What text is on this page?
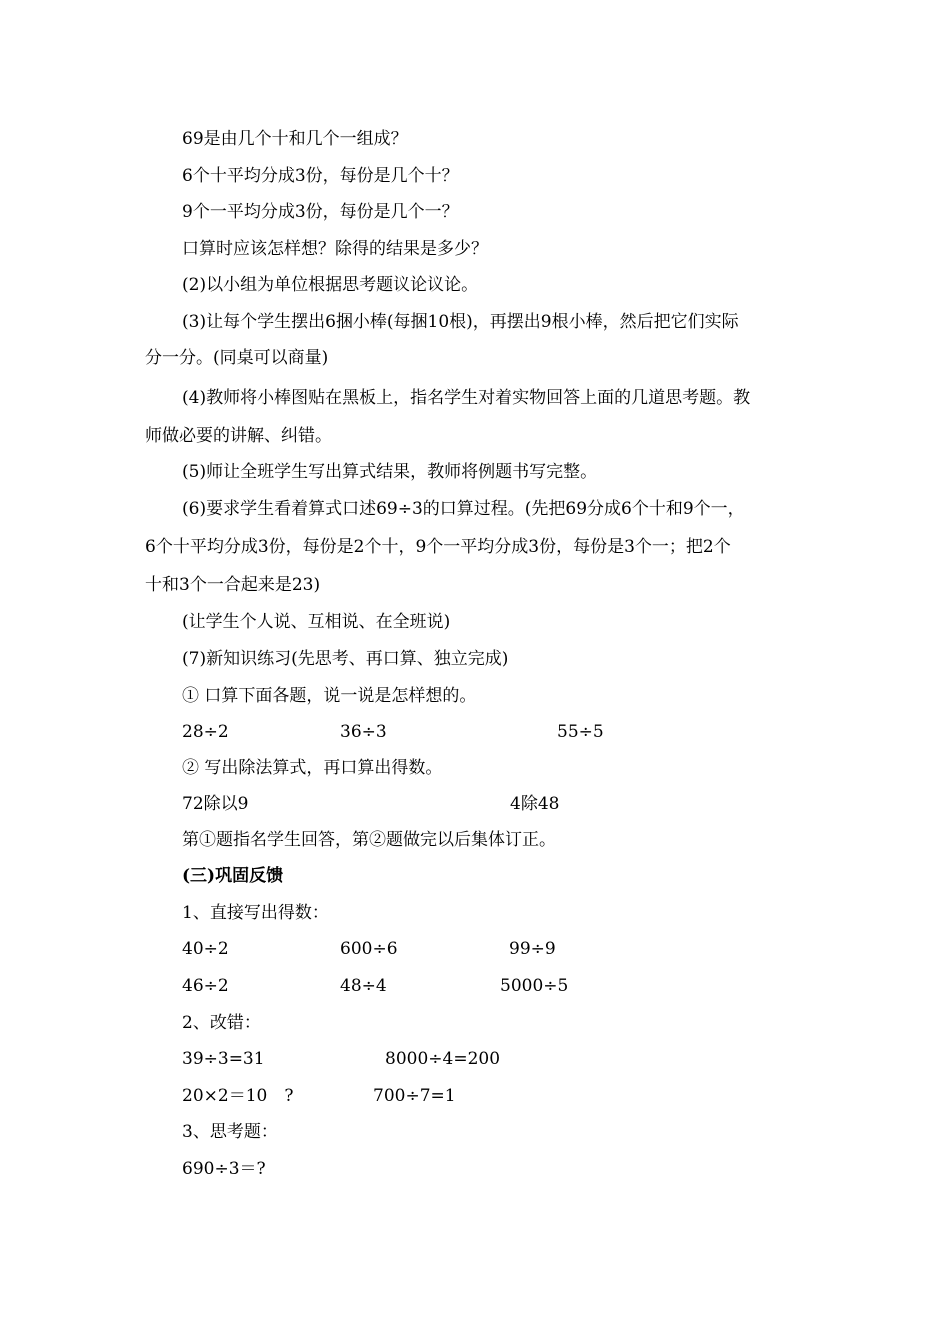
69是由几个十和几个一组成？
6个十平均分成3份，每份是几个十？
9个一平均分成3份，每份是几个一？
口算时应该怎样想？除得的结果是多少？
(2)以小组为单位根据思考题议论议论。
(3)让每个学生摆出6捆小棒(每捆10根)，再摆出9根小棒，然后把它们实际
分一分。(同桌可以商量)
(4)教师将小棒图贴在黑板上，指名学生对着实物回答上面的几道思考题。教
师做必要的讲解、纠错。
(5)师让全班学生写出算式结果，教师将例题书写完整。
(6)要求学生看着算式口述69÷3的口算过程。(先把69分成6个十和9个一，
6个十平均分成3份，每份是2个十，9个一平均分成3份，每份是3个一；把2个
十和3个一合起来是23)
(让学生个人说、互相说、在全班说)
(7)新知识练习(先思考、再口算、独立完成)
① 口算下面各题，说一说是怎样想的。
28÷2	36÷3	55÷5
② 写出除法算式，再口算出得数。
72除以9	4除48
第①题指名学生回答，第②题做完以后集体订正。
(三)巩固反馈
1、直接写出得数：
40÷2	600÷6	99÷9
46÷2	48÷4	5000÷5
2、改错：
39÷3=31	8000÷4=200
20×2＝10　?	700÷7=1
3、思考题：
690÷3＝?
